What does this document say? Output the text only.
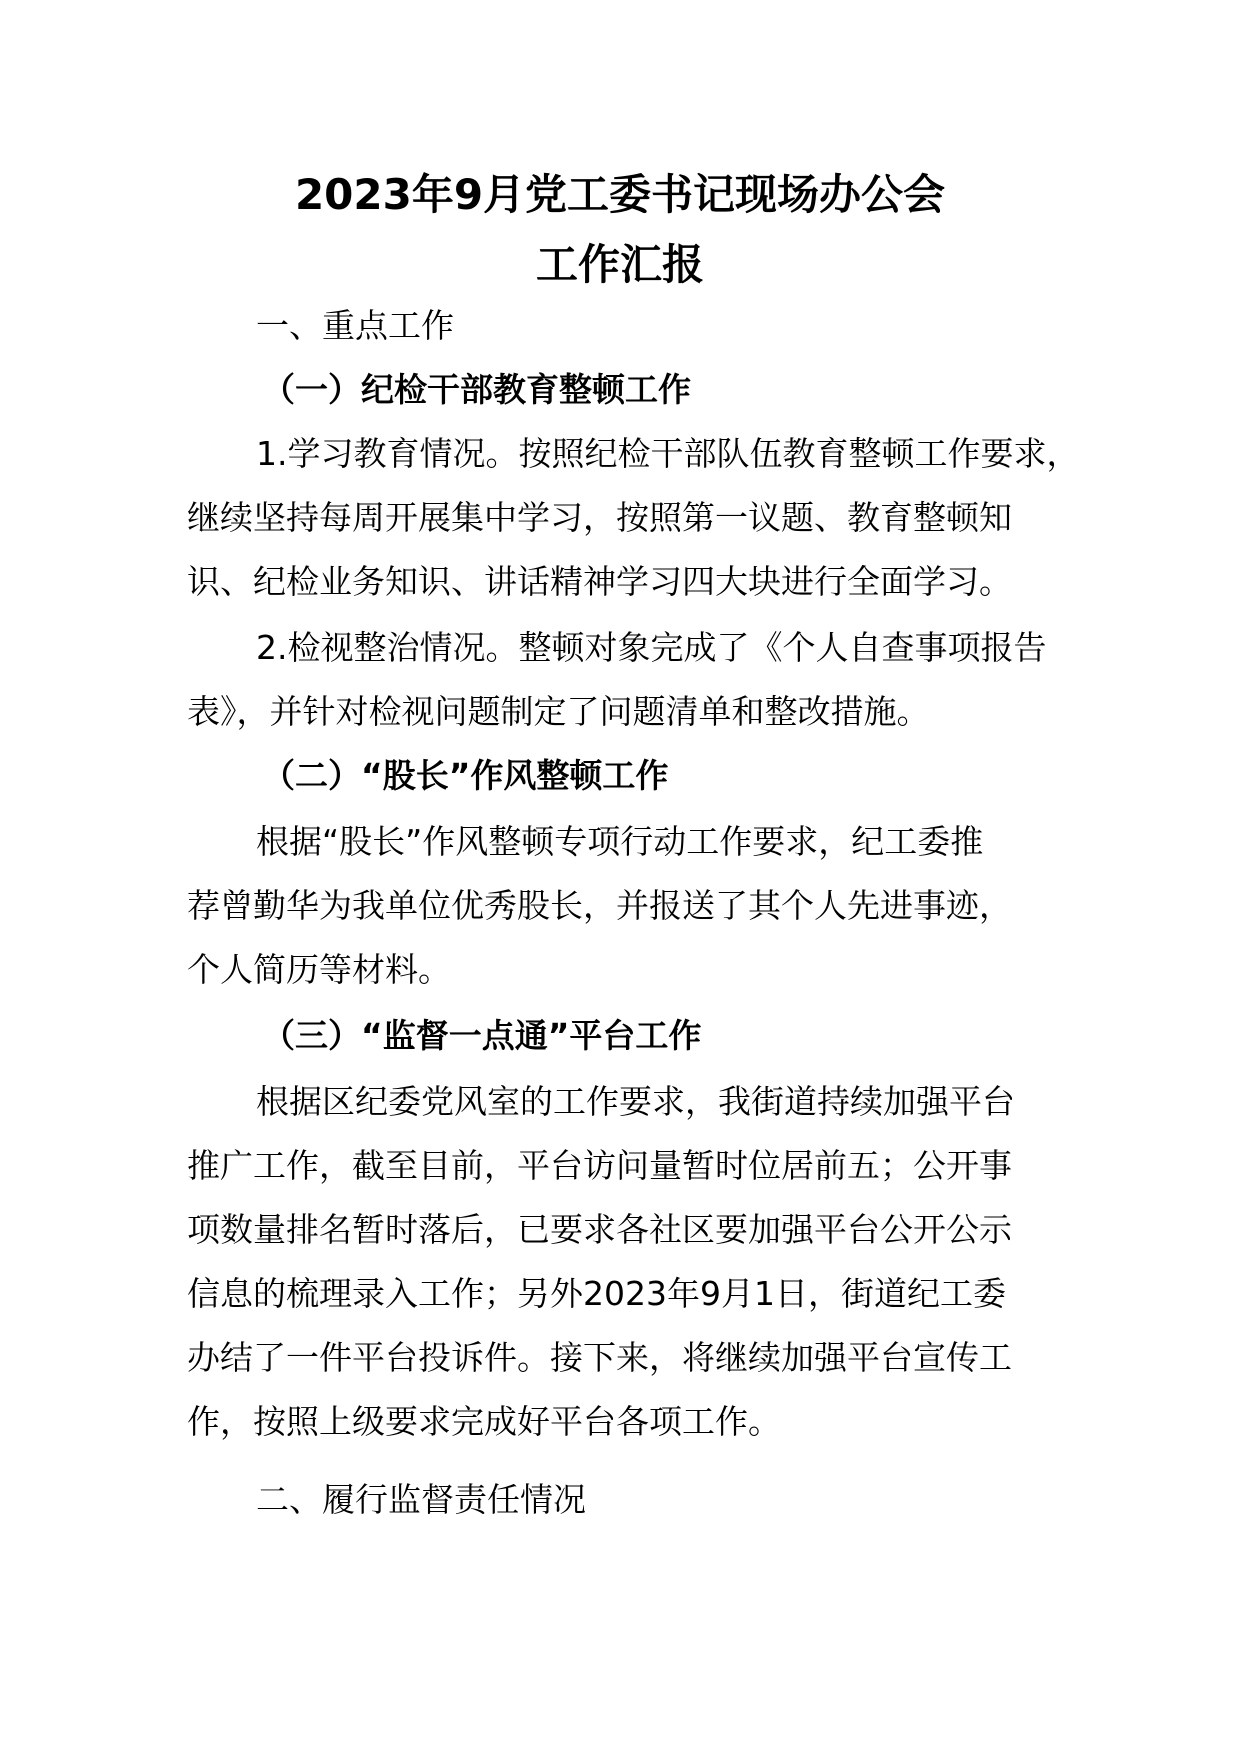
2023年9月党工委书记现场办公会
工作汇报

一、重点工作

（一）纪检干部教育整顿工作

1.学习教育情况。按照纪检干部队伍教育整顿工作要求，

继续坚持每周开展集中学习，按照第一议题、教育整顿知

识、纪检业务知识、讲话精神学习四大块进行全面学习。

2.检视整治情况。整顿对象完成了《个人自查事项报告

表》，并针对检视问题制定了问题清单和整改措施。

（二）“股长”作风整顿工作

根据“股长”作风整顿专项行动工作要求，纪工委推

荐曾勤华为我单位优秀股长，并报送了其个人先进事迹，

个人简历等材料。

（三）“监督一点通”平台工作

根据区纪委党风室的工作要求，我街道持续加强平台

推广工作，截至目前，平台访问量暂时位居前五；公开事

项数量排名暂时落后，已要求各社区要加强平台公开公示

信息的梳理录入工作；另外2023年9月1日，街道纪工委

办结了一件平台投诉件。接下来，将继续加强平台宣传工

作，按照上级要求完成好平台各项工作。

二、履行监督责任情况
